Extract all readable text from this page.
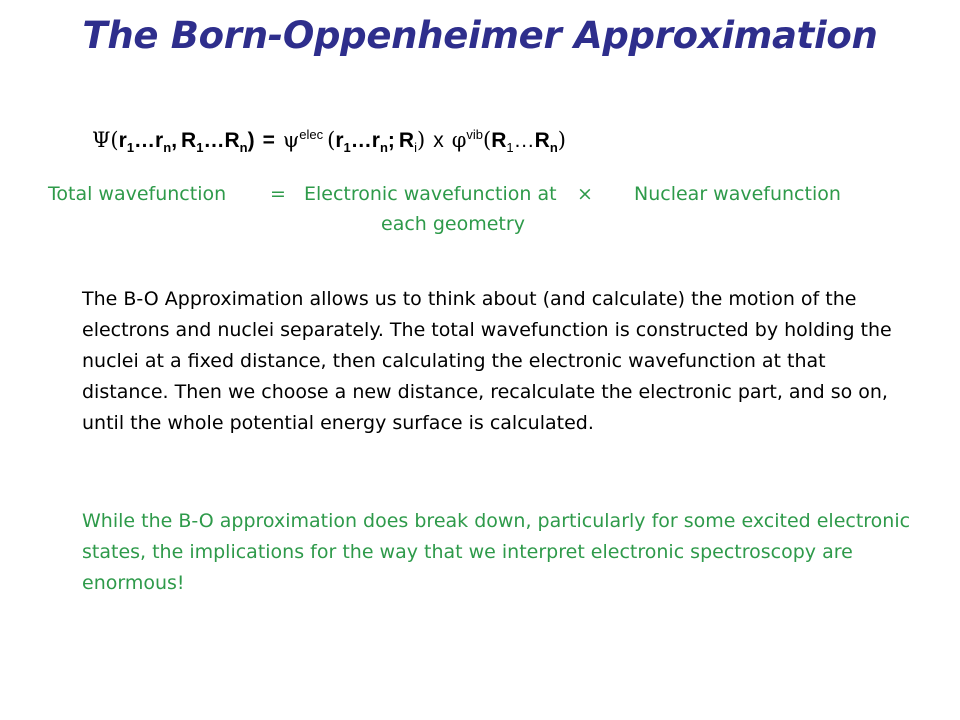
The Born-Oppenheimer Approximation
$\Psi(r_1\dots r_n$, $R_1\dots R_n) = \psi^{elec}$ ($r_1\dots r_n$; $R_i$) x $\varphi^{vib}(R_1\dots R_n)$
Total wavefunction = Electronic wavefunction at
each geometry
× Nuclear wavefunction
The B-O Approximation allows us to think about (and calculate) the motion of the electrons and nuclei separately. The total wavefunction is constructed by holding the nuclei at a fixed distance, then calculating the electronic wavefunction at that distance. Then we choose a new distance, recalculate the electronic part, and so on, until the whole potential energy surface is calculated.
While the B-O approximation does break down, particularly for some excited electronic states, the implications for the way that we interpret electronic spectroscopy are enormous!
